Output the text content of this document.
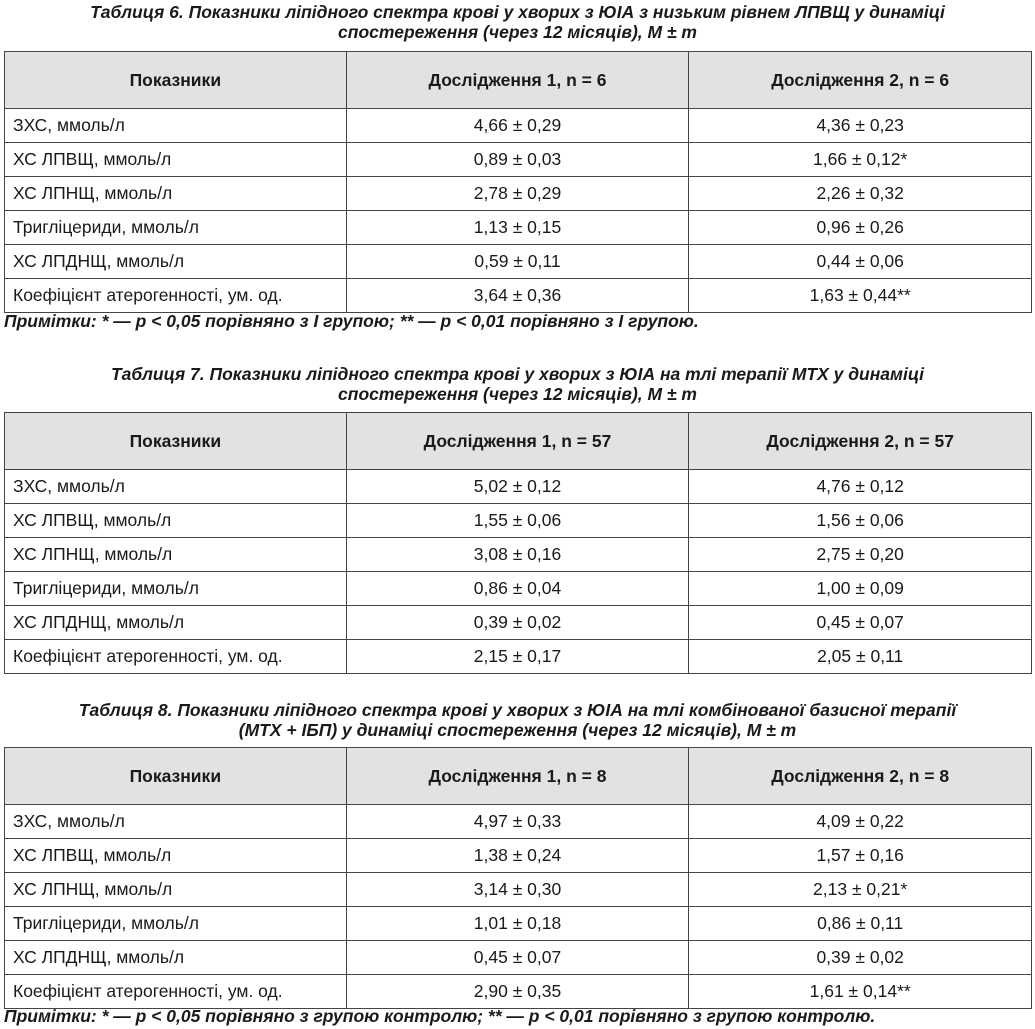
Таблиця 6. Показники ліпідного спектра крові у хворих з ЮІА з низьким рівнем ЛПВЩ у динаміці
спостереження (через 12 місяців), M ± m
Показники	Дослідження 1, n = 6	Дослідження 2, n = 6
ЗХС, ммоль/л	4,66 ± 0,29	4,36 ± 0,23
ХС ЛПВЩ, ммоль/л	0,89 ± 0,03	1,66 ± 0,12*
ХС ЛПНЩ, ммоль/л	2,78 ± 0,29	2,26 ± 0,32
Тригліцериди, ммоль/л	1,13 ± 0,15	0,96 ± 0,26
ХС ЛПДНЩ, ммоль/л	0,59 ± 0,11	0,44 ± 0,06
Коефіцієнт атерогенності, ум. од.	3,64 ± 0,36	1,63 ± 0,44**
Примітки: * — р < 0,05 порівняно з І групою; ** — р < 0,01 порівняно з І групою.
Таблиця 7. Показники ліпідного спектра крові у хворих з ЮІА на тлі терапії МТХ у динаміці
спостереження (через 12 місяців), M ± m
Показники	Дослідження 1, n = 57	Дослідження 2, n = 57
ЗХС, ммоль/л	5,02 ± 0,12	4,76 ± 0,12
ХС ЛПВЩ, ммоль/л	1,55 ± 0,06	1,56 ± 0,06
ХС ЛПНЩ, ммоль/л	3,08 ± 0,16	2,75 ± 0,20
Тригліцериди, ммоль/л	0,86 ± 0,04	1,00 ± 0,09
ХС ЛПДНЩ, ммоль/л	0,39 ± 0,02	0,45 ± 0,07
Коефіцієнт атерогенності, ум. од.	2,15 ± 0,17	2,05 ± 0,11
Таблиця 8. Показники ліпідного спектра крові у хворих з ЮІА на тлі комбінованої базисної терапії
(МТХ + ІБП) у динаміці спостереження (через 12 місяців), M ± m
Показники	Дослідження 1, n = 8	Дослідження 2, n = 8
ЗХС, ммоль/л	4,97 ± 0,33	4,09 ± 0,22
ХС ЛПВЩ, ммоль/л	1,38 ± 0,24	1,57 ± 0,16
ХС ЛПНЩ, ммоль/л	3,14 ± 0,30	2,13 ± 0,21*
Тригліцериди, ммоль/л	1,01 ± 0,18	0,86 ± 0,11
ХС ЛПДНЩ, ммоль/л	0,45 ± 0,07	0,39 ± 0,02
Коефіцієнт атерогенності, ум. од.	2,90 ± 0,35	1,61 ± 0,14**
Примітки: * — р < 0,05 порівняно з групою контролю; ** — р < 0,01 порівняно з групою контролю.
